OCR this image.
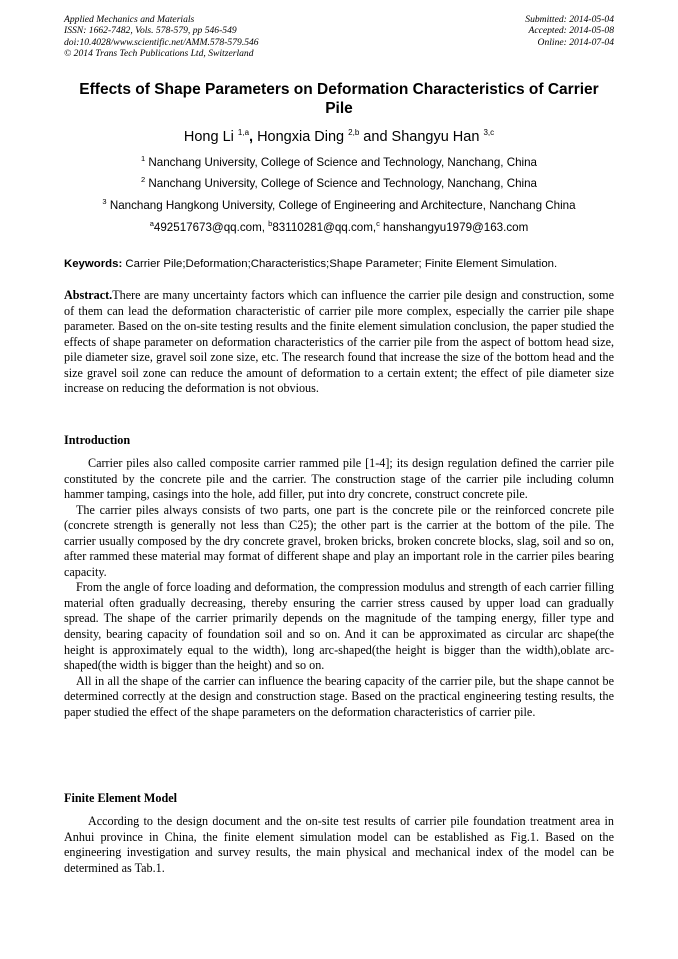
Applied Mechanics and Materials
ISSN: 1662-7482, Vols. 578-579, pp 546-549
doi:10.4028/www.scientific.net/AMM.578-579.546
© 2014 Trans Tech Publications Ltd, Switzerland
Submitted: 2014-05-04
Accepted: 2014-05-08
Online: 2014-07-04
Effects of Shape Parameters on Deformation Characteristics of Carrier Pile
Hong Li $^{1,a}$, Hongxia Ding $^{2,b}$ and Shangyu Han $^{3,c}$
$^1$ Nanchang University, College of Science and Technology, Nanchang, China
$^2$ Nanchang University, College of Science and Technology, Nanchang, China
$^3$ Nanchang Hangkong University, College of Engineering and Architecture, Nanchang China
$^a$492517673@qq.com, $^b$83110281@qq.com,$^c$ hanshangyu1979@163.com
Keywords: Carrier Pile;Deformation;Characteristics;Shape Parameter; Finite Element Simulation.

Abstract.There are many uncertainty factors which can influence the carrier pile design and construction, some of them can lead the deformation characteristic of carrier pile more complex, especially the carrier pile shape parameter. Based on the on-site testing results and the finite element simulation conclusion, the paper studied the effects of shape parameter on deformation characteristics of the carrier pile from the aspect of bottom head size, pile diameter size, gravel soil zone size, etc. The research found that increase the size of the bottom head and the size gravel soil zone can reduce the amount of deformation to a certain extent; the effect of pile diameter size increase on reducing the deformation is not obvious.

Introduction

Carrier piles also called composite carrier rammed pile [1-4]; its design regulation defined the carrier pile constituted by the concrete pile and the carrier. The construction stage of the carrier pile including column hammer tamping, casings into the hole, add filler, put into dry concrete, construct concrete pile.

The carrier piles always consists of two parts, one part is the concrete pile or the reinforced concrete pile (concrete strength is generally not less than C25); the other part is the carrier at the bottom of the pile. The carrier usually composed by the dry concrete gravel, broken bricks, broken concrete blocks, slag, soil and so on, after rammed these material may format of different shape and play an important role in the carrier piles bearing capacity.

From the angle of force loading and deformation, the compression modulus and strength of each carrier filling material often gradually decreasing, thereby ensuring the carrier stress caused by upper load can gradually spread. The shape of the carrier primarily depends on the magnitude of the tamping energy, filler type and density, bearing capacity of foundation soil and so on. And it can be approximated as circular arc shape(the height is approximately equal to the width), long arc-shaped(the height is bigger than the width),oblate arc-shaped(the width is bigger than the height) and so on.

All in all the shape of the carrier can influence the bearing capacity of the carrier pile, but the shape cannot be determined correctly at the design and construction stage. Based on the practical engineering testing results, the paper studied the effect of the shape parameters on the deformation characteristics of carrier pile.

Finite Element Model

According to the design document and the on-site test results of carrier pile foundation treatment area in Anhui province in China, the finite element simulation model can be established as Fig.1. Based on the engineering investigation and survey results, the main physical and mechanical index of the model can be determined as Tab.1.
